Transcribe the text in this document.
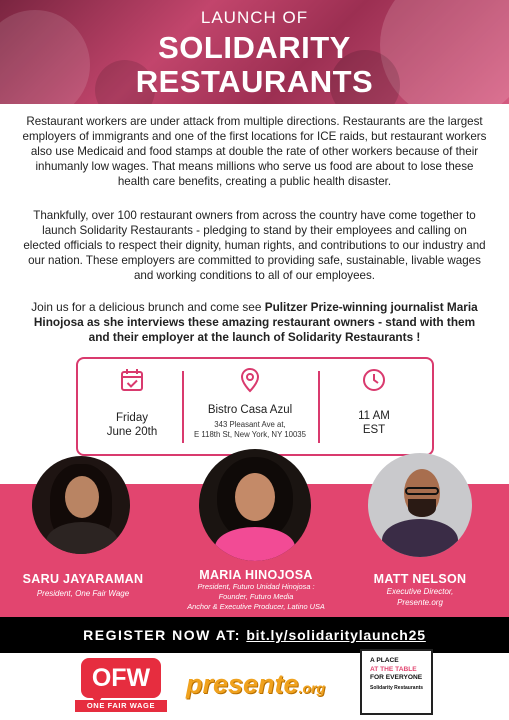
LAUNCH OF
SOLIDARITY
RESTAURANTS

Restaurant workers are under attack from multiple directions. Restaurants are the largest employers of immigrants and one of the first locations for ICE raids, but restaurant workers also use Medicaid and food stamps at double the rate of other workers because of their inhumanly low wages. That means millions who serve us food are about to lose these health care benefits, creating a public health disaster.

Thankfully, over 100 restaurant owners from across the country have come together to launch Solidarity Restaurants - pledging to stand by their employees and calling on elected officials to respect their dignity, human rights, and contributions to our industry and our nation. These employers are committed to providing safe, sustainable, livable wages and working conditions to all of our employees.

Join us for a delicious brunch and come see Pulitzer Prize-winning journalist Maria Hinojosa as she interviews these amazing restaurant owners - stand with them and their employer at the launch of Solidarity Restaurants !

Friday
June 20th
Bistro Casa Azul
343 Pleasant Ave at,
E 118th St, New York, NY 10035
11 AM
EST
SARU JAYARAMAN
President, One Fair Wage
MARIA HINOJOSA
President, Futuro Unidad Hinojosa :
Founder, Futuro Media
Anchor & Executive Producer, Latino USA
MATT NELSON
Executive Director,
Presente.org
REGISTER NOW AT: bit.ly/solidaritylaunch25
OFW
ONE FAIR WAGE
presente.org
A PLACE
AT THE TABLE
FOR EVERYONE
Solidarity Restaurants
